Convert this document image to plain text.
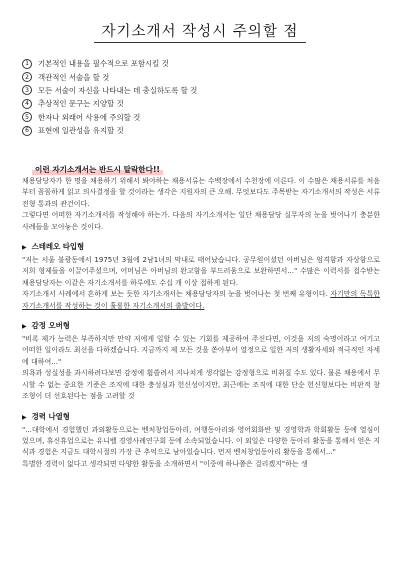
자기소개서 작성시 주의할 점
1	기본적인 내용을 필수적으로 포함시킬 것
2	객관적인 서술을 할 것
3	모든 서술이 자신을 나타내는 데 충실하도록 할 것
4	추상적인 문구는 지양할 것
5	한자나 외래어 사용에 주의할 것
6	표현에 일관성을 유지할 것
이런 자기소개서는 반드시 탈락한다!!
채용담당자가 한 명을 채용하기 위해서 봐야하는 채용서류는 수백장에서 수천장에 이른다. 이 수많은 채용서류를 처음부터 꼼꼼하게 읽고 의사결정을 할 것이라는 생각은 지원자의 큰 오해. 무엇보다도 주목받는 자기소개서의 작성은 서류전형 통과의 관건이다.
그렇다면 어떠한 자기소개서를 작성해야 하는가. 다음의 자기소개서는 일단 채용담당 실무자의 눈을 벗어나기 충분한 사례들을 모아놓은 것이다.
▶ 스테레오 타입형
"저는 서울 불광동에서 1975년 3월에 2남1녀의 막내로 태어났습니다. 공무원이셨던 아버님은 엄격함과 자상함으로 저희 형제들을 이끌어주셨으며, 어머님은 아버님의 완고함을 부드러움으로 보완하면서..." 수많은 이력서를 접수받는 채용담당자는 이같은 자기소개서를 하루에도 수십 개 이상 접하게 된다.
자기소개서 사례에서 흔하게 보는 듯한 자기소개서는 채용담당자의 눈을 벗어나는 첫 번째 유형이다. 자기만의 독특한 자기소개서를 작성하는 것이 훌륭한 자기소개서의 출발이다.
▶ 감정 오버형
"비록 제가 능력은 부족하지만 만약 저에게 일할 수 있는 기회를 제공하여 주신다면, 이것을 저의 숙명이라고 여기고 어떠한 일이라도 최선을 다하겠습니다. 지금까지 제 모든 것을 쏟아부어 열정으로 일한 저의 생활자세와 적극적인 자세에 대하여..."
의욕과 성실성을 과시하려다보면 감정에 휩쓸려서 지나치게 생각없는 감정형으로 비취질 수도 있다. 물론 채용에서 무시할 수 없는 중요한 기준은 조직에 대한 충성심과 헌신성이지만, 최근에는 조직에 대한 단순 헌신형보다는 비판적 창조형이 더 선호된다는 점을 고려할 것
▶ 경력 나열형
"...대학에서 경험했던 과외활동으로는 벤처창업동아리, 여행동아리와 영어회화반 및 경영학과 학회활동 등에 열심이었으며, 휴신휴업으로는 유니벨 경영사례연구회 등에 소속되었습니다. 이 외일은 다양한 동아리 활동을 통해서 얻은 지식과 경험은 지금도 대학시절의 가장 큰 추억으로 남아있습니다. 먼저 벤처창업동아리 활동을 통해서..."
특별한 경력이 없다고 생각되면 다양한 활동을 소개하면서 "이중에 하나쯤은 걸리겠지"하는 생
